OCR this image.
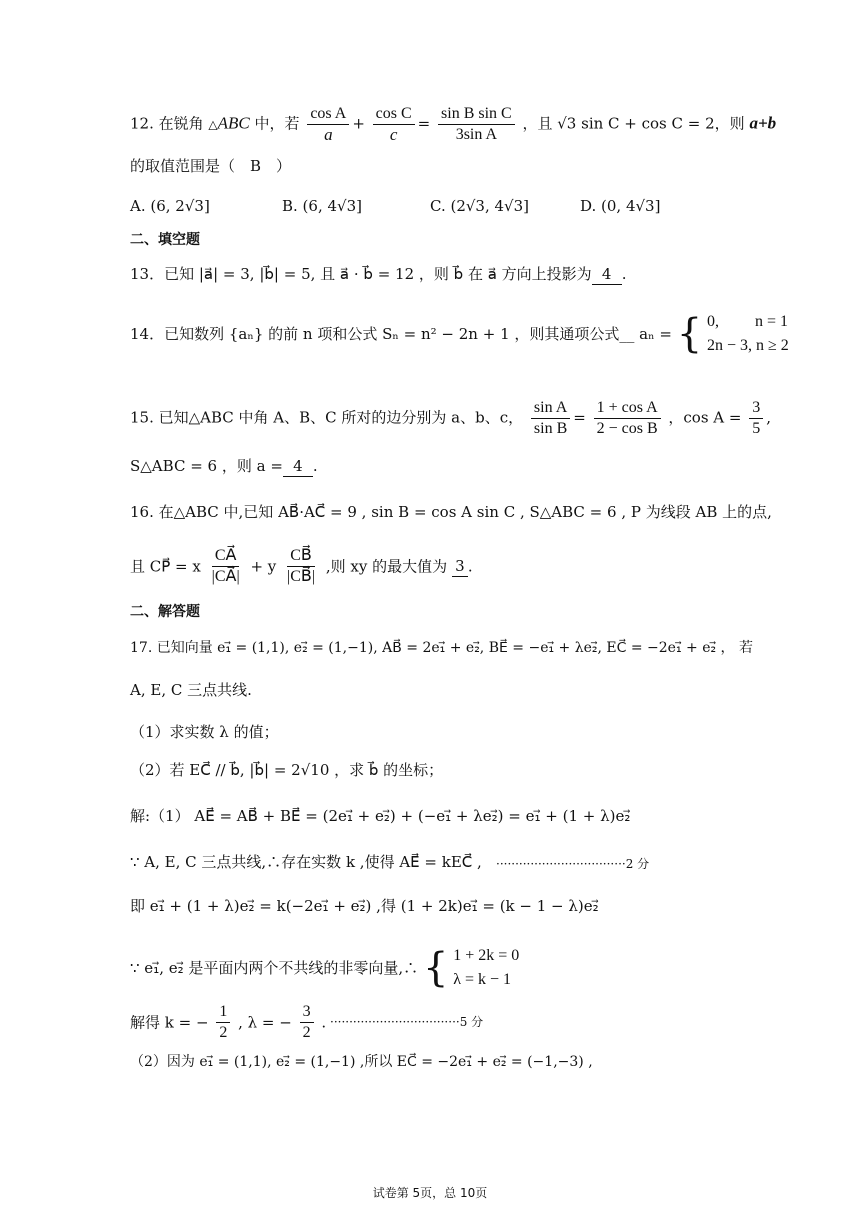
12. 在锐角 △ABC 中，若 $\frac{\text{cos A}}{a} + \frac{\text{cos C}}{c} = \frac{\text{sin B sin C}}{\text{3sin A}}$ ，且 √3 sin C + cos C = 2，则 a+b
的取值范围是（　B　）
A. (6, 2√3]	B. (6, 4√3]	C. (2√3, 4√3]	D. (0, 4√3]
二、填空题
13．已知 |a⃗| = 3, |b⃗| = 5, 且 a⃗ · b⃗ = 12 ，则 b⃗ 在 a⃗ 方向上投影为 4 .
14．已知数列 {aₙ} 的前 n 项和公式 Sₙ = n² − 2n + 1 ，则其通项公式__ aₙ = { 0,　　 n = 1
2n − 3, n ≥ 2
15. 已知△ABC 中角 A、B、C 所对的边分别为 a、b、c， $\frac{\text{sin A}}{\text{sin B}} = \frac{\text{1 + cos A}}{\text{2 − cos B}}$ ，$\cos A = \frac{3}{5}$ ,
S△ABC = 6 ，则 a = 4 .
16. 在△ABC 中,已知 AB⃗·AC⃗ = 9 , sin B = cos A sin C , S△ABC = 6 , P 为线段 AB 上的点,
且 CP⃗ = x $\frac{CA⃗}{|CA⃗|} + y \frac{CB⃗}{|CB⃗|}$ ,则 xy 的最大值为 3 .
二、解答题
17. 已知向量 e₁⃗ = (1,1), e₂⃗ = (1,−1), AB⃗ = 2e₁⃗ + e₂⃗, BE⃗ = −e₁⃗ + λe₂⃗, EC⃗ = −2e₁⃗ + e₂⃗ ， 若
A, E, C 三点共线.
（1）求实数 λ 的值；
（2）若 EC⃗ // b⃗, |b⃗| = 2√10 ，求 b⃗ 的坐标；
解:（1） AE⃗ = AB⃗ + BE⃗ = (2e₁⃗ + e₂⃗) + (−e₁⃗ + λe₂⃗) = e₁⃗ + (1 + λ)e₂⃗
∵ A, E, C 三点共线,∴存在实数 k ,使得 AE⃗ = kEC⃗ , ··································2 分
即 e₁⃗ + (1 + λ)e₂⃗ = k(−2e₁⃗ + e₂⃗) ,得 (1 + 2k)e₁⃗ = (k − 1 − λ)e₂⃗
∵ e₁⃗, e₂⃗ 是平面内两个不共线的非零向量,∴ { 1 + 2k = 0
λ = k − 1
解得 k = − $\frac{1}{2}$ , λ = − $\frac{3}{2}$ . ··································5 分
（2）因为 e₁⃗ = (1,1), e₂⃗ = (1,−1) ,所以 EC⃗ = −2e₁⃗ + e₂⃗ = (−1,−3) ,
试卷第 5页，总 10页
